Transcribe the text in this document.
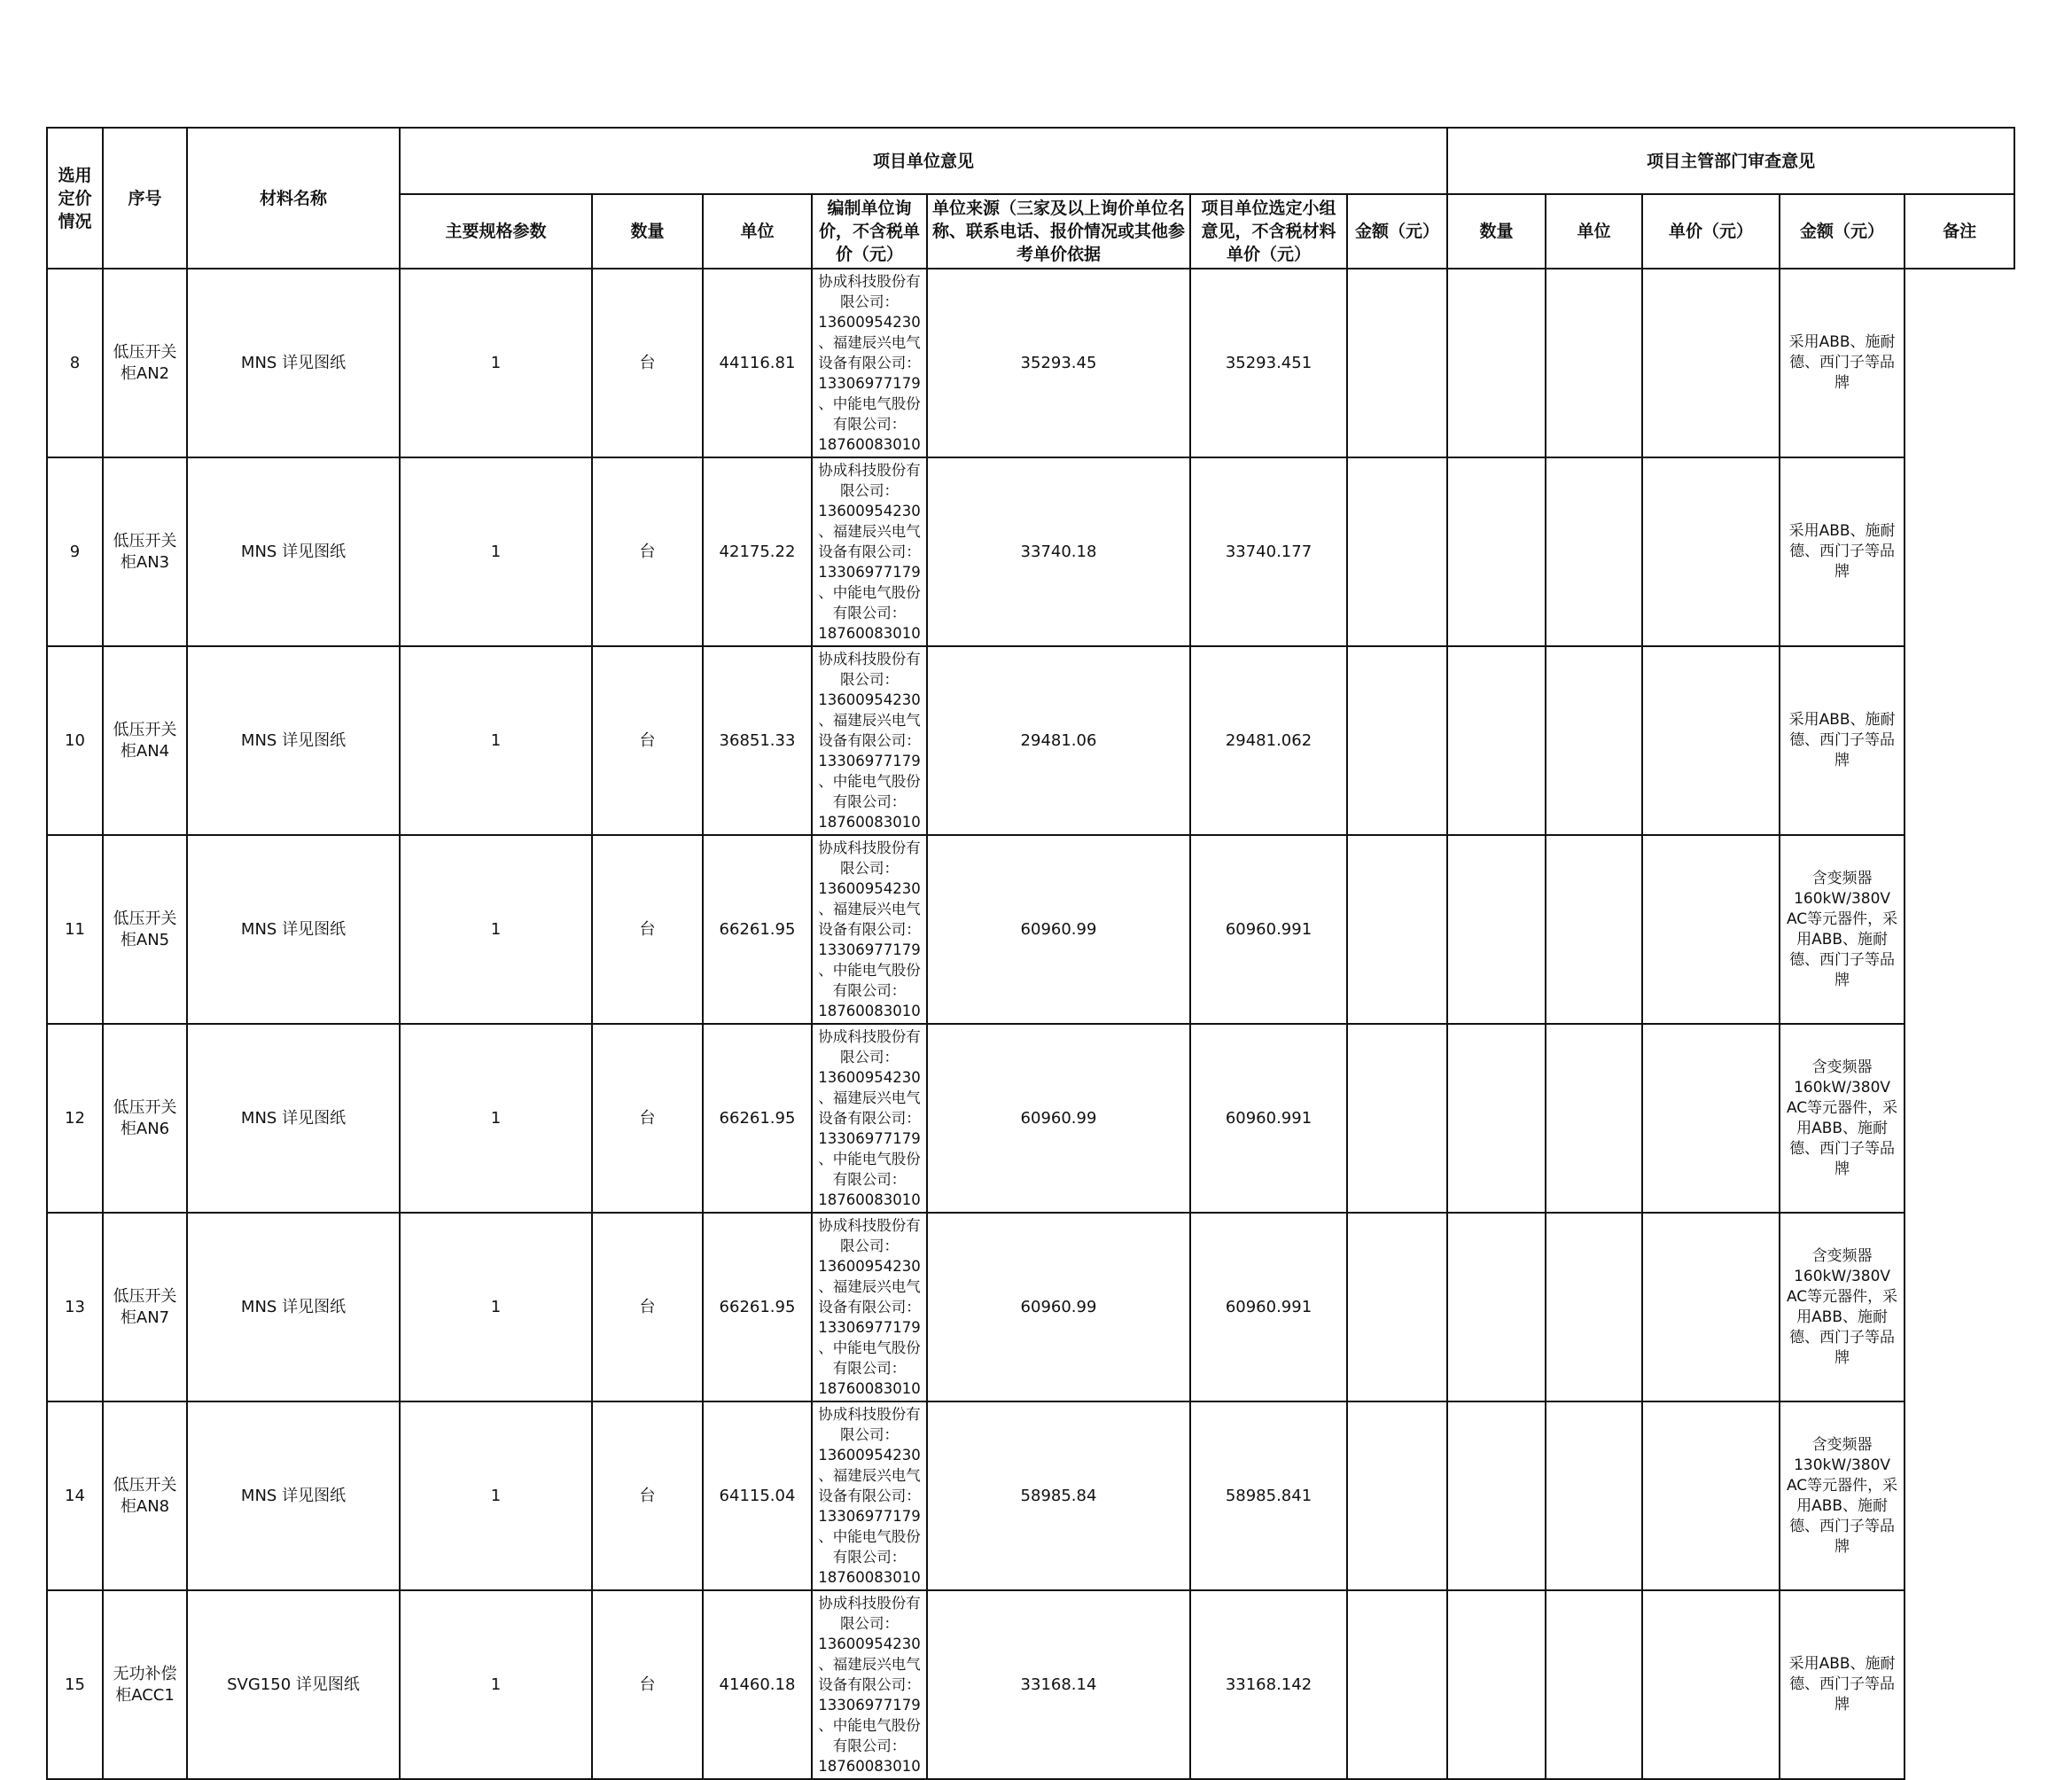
选用定价情况	序号	材料名称	项目单位意见							项目主管部门审查意见				
			主要规格参数	数量	单位	编制单位询价，不含税单价（元）	单位来源（三家及以上询价单位名称、联系电话、报价情况或其他参考单价依据	项目单位选定小组意见，不含税材料单价（元）	金额（元）	数量	单位	单价（元）	金额（元）	备注
8	低压开关柜AN2	MNS 详见图纸	1	台	44116.81	协成科技股份有限公司：13600954230 、福建辰兴电气设备有限公司：13306977179 、中能电气股份有限公司：18760083010	35293.45	35293.451					采用ABB、施耐德、西门子等品牌	
9	低压开关柜AN3	MNS 详见图纸	1	台	42175.22	协成科技股份有限公司：13600954230 、福建辰兴电气设备有限公司：13306977179 、中能电气股份有限公司：18760083010	33740.18	33740.177					采用ABB、施耐德、西门子等品牌	
10	低压开关柜AN4	MNS 详见图纸	1	台	36851.33	协成科技股份有限公司：13600954230 、福建辰兴电气设备有限公司：13306977179 、中能电气股份有限公司：18760083010	29481.06	29481.062					采用ABB、施耐德、西门子等品牌	
11	低压开关柜AN5	MNS 详见图纸	1	台	66261.95	协成科技股份有限公司：13600954230 、福建辰兴电气设备有限公司：13306977179 、中能电气股份有限公司：18760083010	60960.99	60960.991					含变频器160kW/380V AC等元器件，采用ABB、施耐德、西门子等品牌	
12	低压开关柜AN6	MNS 详见图纸	1	台	66261.95	协成科技股份有限公司：13600954230 、福建辰兴电气设备有限公司：13306977179 、中能电气股份有限公司：18760083010	60960.99	60960.991					含变频器160kW/380V AC等元器件，采用ABB、施耐德、西门子等品牌	
13	低压开关柜AN7	MNS 详见图纸	1	台	66261.95	协成科技股份有限公司：13600954230 、福建辰兴电气设备有限公司：13306977179 、中能电气股份有限公司：18760083010	60960.99	60960.991					含变频器160kW/380V AC等元器件，采用ABB、施耐德、西门子等品牌	
14	低压开关柜AN8	MNS 详见图纸	1	台	64115.04	协成科技股份有限公司：13600954230 、福建辰兴电气设备有限公司：13306977179 、中能电气股份有限公司：18760083010	58985.84	58985.841					含变频器130kW/380V AC等元器件，采用ABB、施耐德、西门子等品牌	
15	无功补偿柜ACC1	SVG150 详见图纸	1	台	41460.18	协成科技股份有限公司：13600954230 、福建辰兴电气设备有限公司：13306977179 、中能电气股份有限公司：18760083010	33168.14	33168.142					采用ABB、施耐德、西门子等品牌	
